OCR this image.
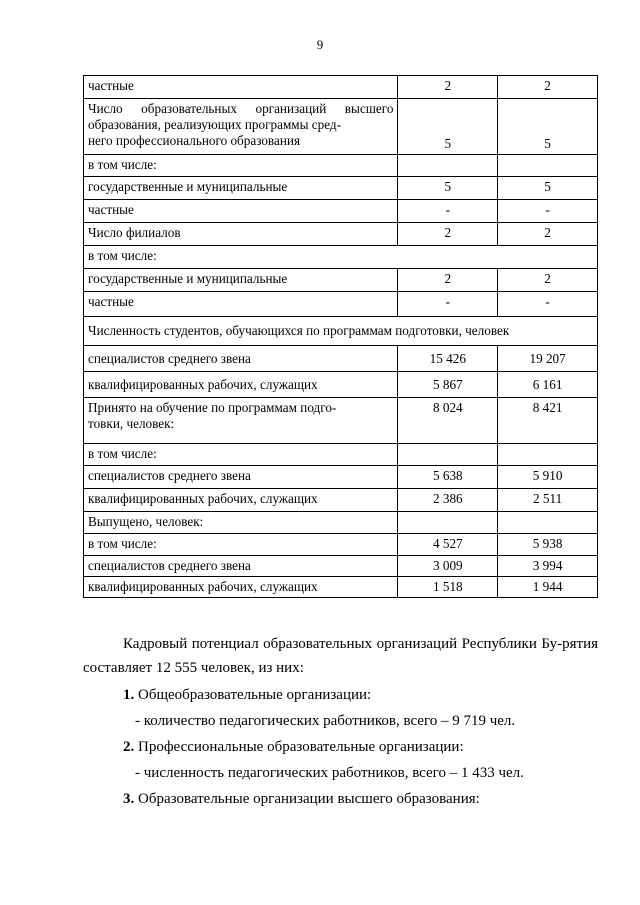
9
частные	2	2
Число образовательных организаций высшего образования, реализующих программы сред-
него профессионального образования	5	5
в том числе:		
государственные и муниципальные	5	5
частные	-	-
Число филиалов	2	2
в том числе:		
государственные и муниципальные	2	2
частные	-	-
Численность студентов, обучающихся по программам подготовки, человек		
специалистов среднего звена	15 426	19 207
квалифицированных рабочих, служащих	5 867	6 161
Принято на обучение по программам подго-
товки, человек:	8 024	8 421
в том числе:		
специалистов среднего звена	5 638	5 910
квалифицированных рабочих, служащих	2 386	2 511
Выпущено, человек:		
в том числе:	4 527	5 938
специалистов среднего звена	3 009	3 994
квалифицированных рабочих, служащих	1 518	1 944
Кадровый потенциал образовательных организаций Республики Бу-рятия составляет 12 555 человек, из них:
1. Общеобразовательные организации:
- количество педагогических работников, всего – 9 719 чел.
2. Профессиональные образовательные организации:
- численность педагогических работников, всего – 1 433 чел.
3. Образовательные организации высшего образования:
